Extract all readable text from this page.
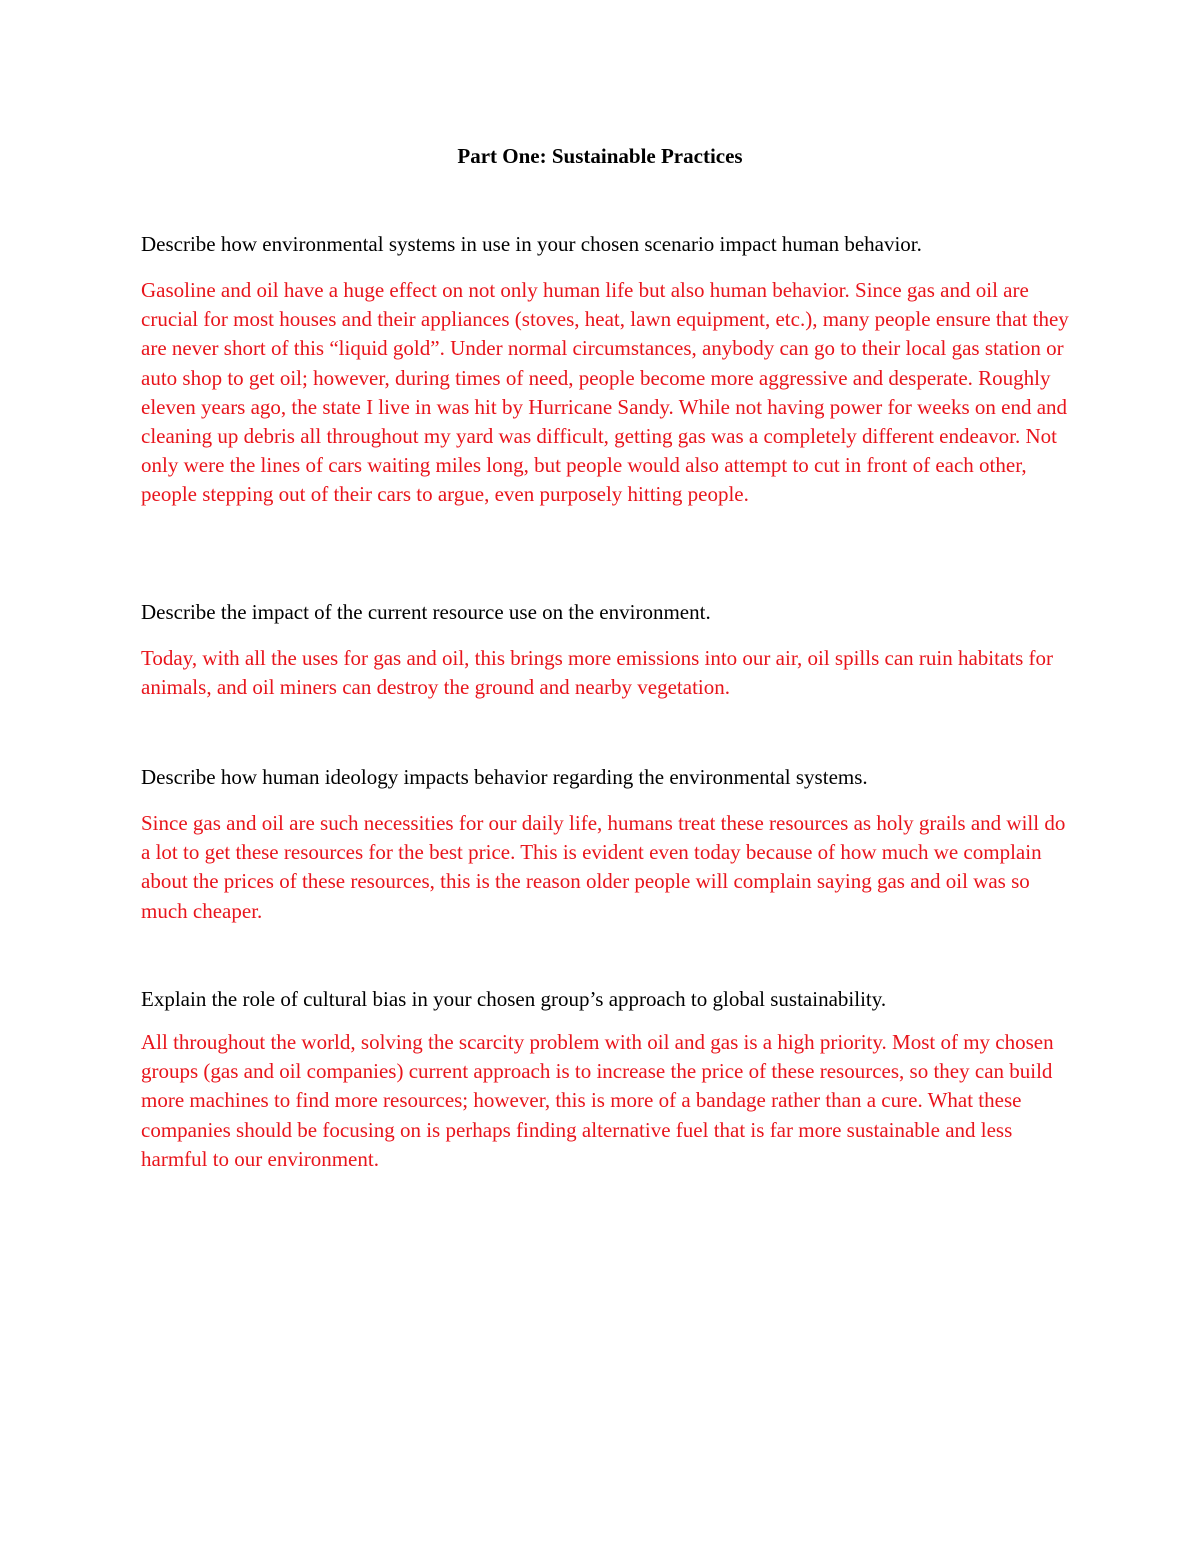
Part One: Sustainable Practices

Describe how environmental systems in use in your chosen scenario impact human behavior.

Gasoline and oil have a huge effect on not only human life but also human behavior. Since gas and oil are crucial for most houses and their appliances (stoves, heat, lawn equipment, etc.), many people ensure that they are never short of this “liquid gold”. Under normal circumstances, anybody can go to their local gas station or auto shop to get oil; however, during times of need, people become more aggressive and desperate. Roughly eleven years ago, the state I live in was hit by Hurricane Sandy. While not having power for weeks on end and cleaning up debris all throughout my yard was difficult, getting gas was a completely different endeavor. Not only were the lines of cars waiting miles long, but people would also attempt to cut in front of each other, people stepping out of their cars to argue, even purposely hitting people.

Describe the impact of the current resource use on the environment.

Today, with all the uses for gas and oil, this brings more emissions into our air, oil spills can ruin habitats for animals, and oil miners can destroy the ground and nearby vegetation.

Describe how human ideology impacts behavior regarding the environmental systems.

Since gas and oil are such necessities for our daily life, humans treat these resources as holy grails and will do a lot to get these resources for the best price. This is evident even today because of how much we complain about the prices of these resources, this is the reason older people will complain saying gas and oil was so much cheaper.

Explain the role of cultural bias in your chosen group’s approach to global sustainability.

All throughout the world, solving the scarcity problem with oil and gas is a high priority. Most of my chosen groups (gas and oil companies) current approach is to increase the price of these resources, so they can build more machines to find more resources; however, this is more of a bandage rather than a cure. What these companies should be focusing on is perhaps finding alternative fuel that is far more sustainable and less harmful to our environment.
